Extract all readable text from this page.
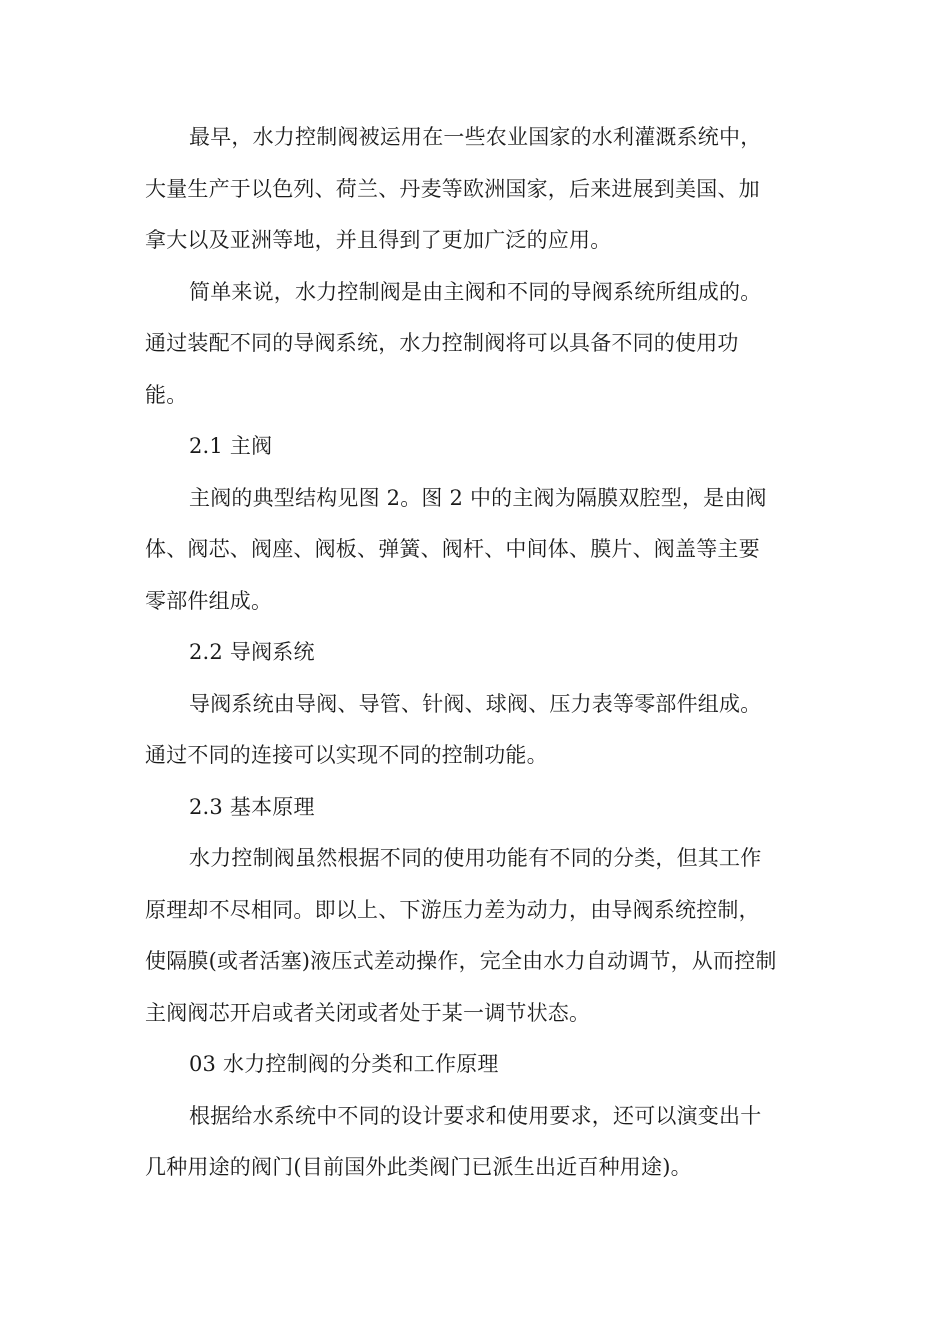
最早，水力控制阀被运用在一些农业国家的水利灌溉系统中，
大量生产于以色列、荷兰、丹麦等欧洲国家，后来进展到美国、加
拿大以及亚洲等地，并且得到了更加广泛的应用。
简单来说，水力控制阀是由主阀和不同的导阀系统所组成的。
通过装配不同的导阀系统，水力控制阀将可以具备不同的使用功
能。
2.1 主阀
主阀的典型结构见图 2。图 2 中的主阀为隔膜双腔型，是由阀
体、阀芯、阀座、阀板、弹簧、阀杆、中间体、膜片、阀盖等主要
零部件组成。
2.2 导阀系统
导阀系统由导阀、导管、针阀、球阀、压力表等零部件组成。
通过不同的连接可以实现不同的控制功能。
2.3 基本原理
水力控制阀虽然根据不同的使用功能有不同的分类，但其工作
原理却不尽相同。即以上、下游压力差为动力，由导阀系统控制，
使隔膜(或者活塞)液压式差动操作，完全由水力自动调节，从而控制
主阀阀芯开启或者关闭或者处于某一调节状态。
03 水力控制阀的分类和工作原理
根据给水系统中不同的设计要求和使用要求，还可以演变出十
几种用途的阀门(目前国外此类阀门已派生出近百种用途)。
